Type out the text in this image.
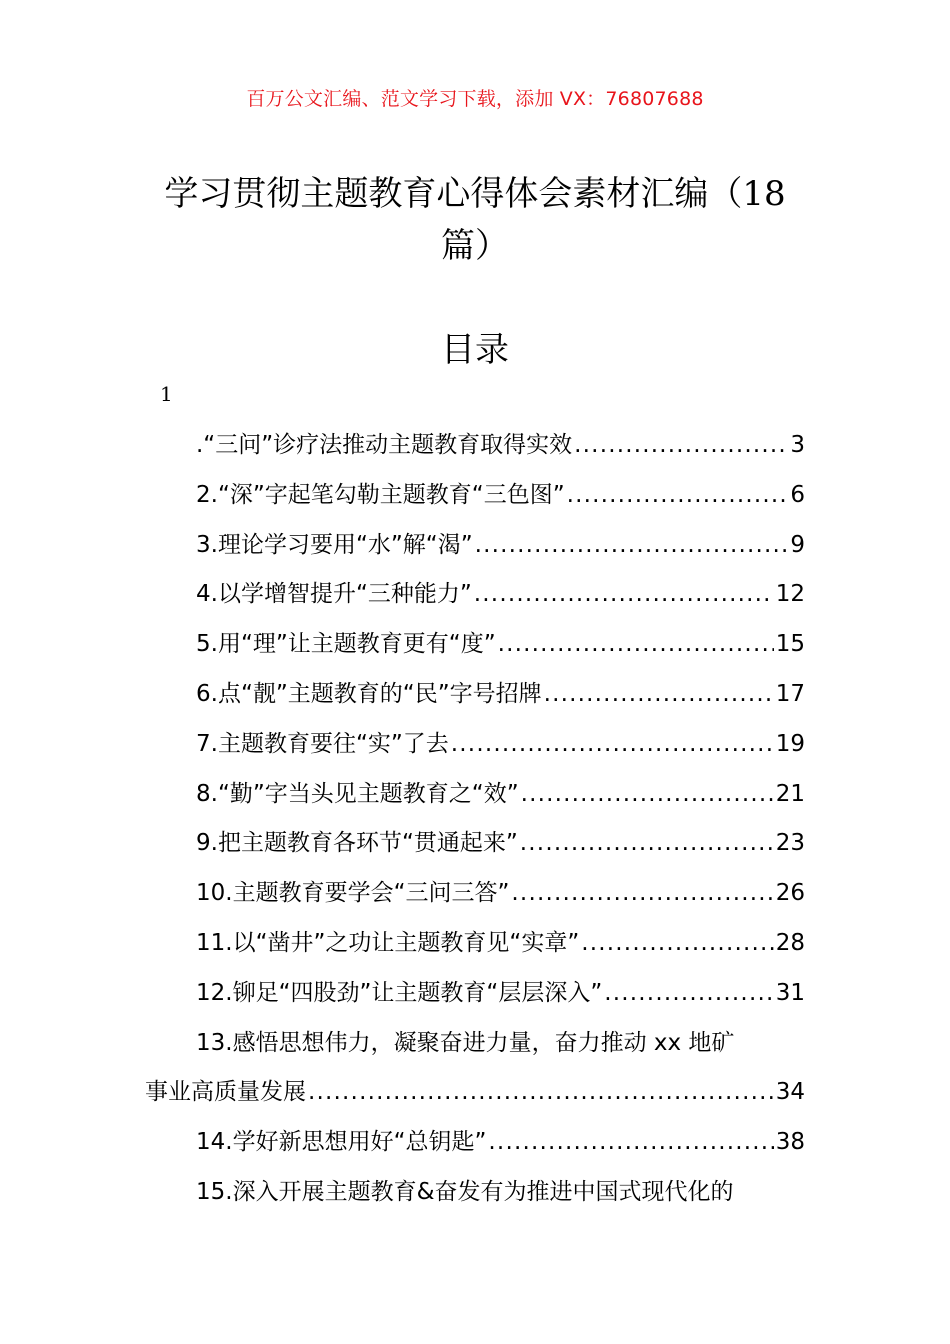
百万公文汇编、范文学习下载，添加 VX：76807688
学习贯彻主题教育心得体会素材汇编（18
篇）
目录
1
.“三问”诊疗法推动主题教育取得实效 .....	3
2.“深”字起笔勾勒主题教育“三色图” .....	6
3.理论学习要用“水”解“渴” .....	9
4.以学增智提升“三种能力” .....	12
5.用“理”让主题教育更有“度” .....	15
6.点“靓”主题教育的“民”字号招牌 .....	17
7.主题教育要往“实”了去 .....	19
8.“勤”字当头见主题教育之“效” .....	21
9.把主题教育各环节“贯通起来” .....	23
10.主题教育要学会“三问三答” .....	26
11.以“凿井”之功让主题教育见“实章” .....	28
12.铆足“四股劲”让主题教育“层层深入” .....	31
13.感悟思想伟力，凝聚奋进力量，奋力推动 xx 地矿
事业高质量发展 .....	34
14.学好新思想用好“总钥匙” .....	38
15.深入开展主题教育&奋发有为推进中国式现代化的
